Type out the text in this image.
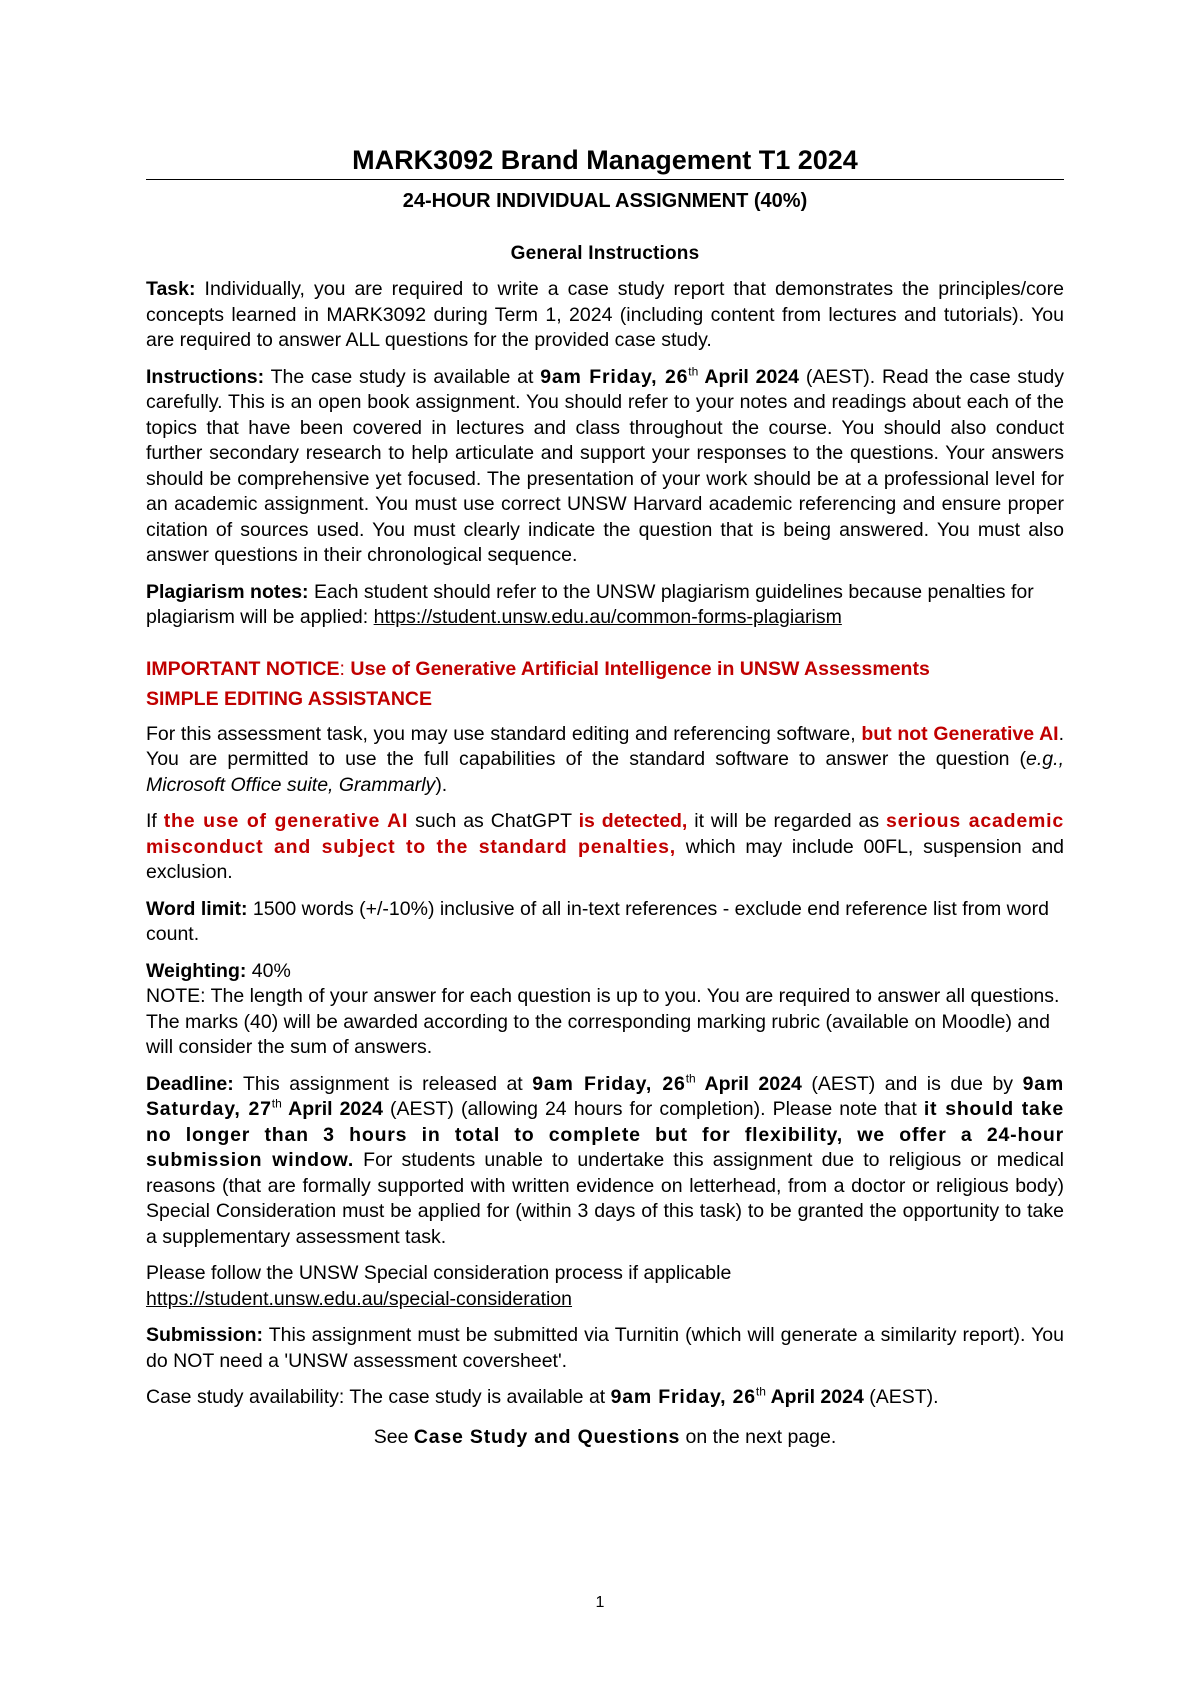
MARK3092 Brand Management T1 2024
24-HOUR INDIVIDUAL ASSIGNMENT (40%)
General Instructions

Task: Individually, you are required to write a case study report that demonstrates the principles/core concepts learned in MARK3092 during Term 1, 2024 (including content from lectures and tutorials). You are required to answer ALL questions for the provided case study.

Instructions: The case study is available at 9am Friday, 26th April 2024 (AEST). Read the case study carefully. This is an open book assignment. You should refer to your notes and readings about each of the topics that have been covered in lectures and class throughout the course. You should also conduct further secondary research to help articulate and support your responses to the questions. Your answers should be comprehensive yet focused. The presentation of your work should be at a professional level for an academic assignment. You must use correct UNSW Harvard academic referencing and ensure proper citation of sources used. You must clearly indicate the question that is being answered. You must also answer questions in their chronological sequence.

Plagiarism notes: Each student should refer to the UNSW plagiarism guidelines because penalties for plagiarism will be applied: https://student.unsw.edu.au/common-forms-plagiarism

IMPORTANT NOTICE: Use of Generative Artificial Intelligence in UNSW Assessments
SIMPLE EDITING ASSISTANCE

For this assessment task, you may use standard editing and referencing software, but not Generative AI. You are permitted to use the full capabilities of the standard software to answer the question (e.g., Microsoft Office suite, Grammarly).

If the use of generative AI such as ChatGPT is detected, it will be regarded as serious academic misconduct and subject to the standard penalties, which may include 00FL, suspension and exclusion.

Word limit: 1500 words (+/-10%) inclusive of all in-text references - exclude end reference list from word count.

Weighting: 40%
NOTE: The length of your answer for each question is up to you. You are required to answer all questions. The marks (40) will be awarded according to the corresponding marking rubric (available on Moodle) and will consider the sum of answers.

Deadline: This assignment is released at 9am Friday, 26th April 2024 (AEST) and is due by 9am Saturday, 27th April 2024 (AEST) (allowing 24 hours for completion). Please note that it should take no longer than 3 hours in total to complete but for flexibility, we offer a 24-hour submission window. For students unable to undertake this assignment due to religious or medical reasons (that are formally supported with written evidence on letterhead, from a doctor or religious body) Special Consideration must be applied for (within 3 days of this task) to be granted the opportunity to take a supplementary assessment task.

Please follow the UNSW Special consideration process if applicable
https://student.unsw.edu.au/special-consideration

Submission: This assignment must be submitted via Turnitin (which will generate a similarity report). You do NOT need a 'UNSW assessment coversheet'.

Case study availability: The case study is available at 9am Friday, 26th April 2024 (AEST).

See Case Study and Questions on the next page.

1
